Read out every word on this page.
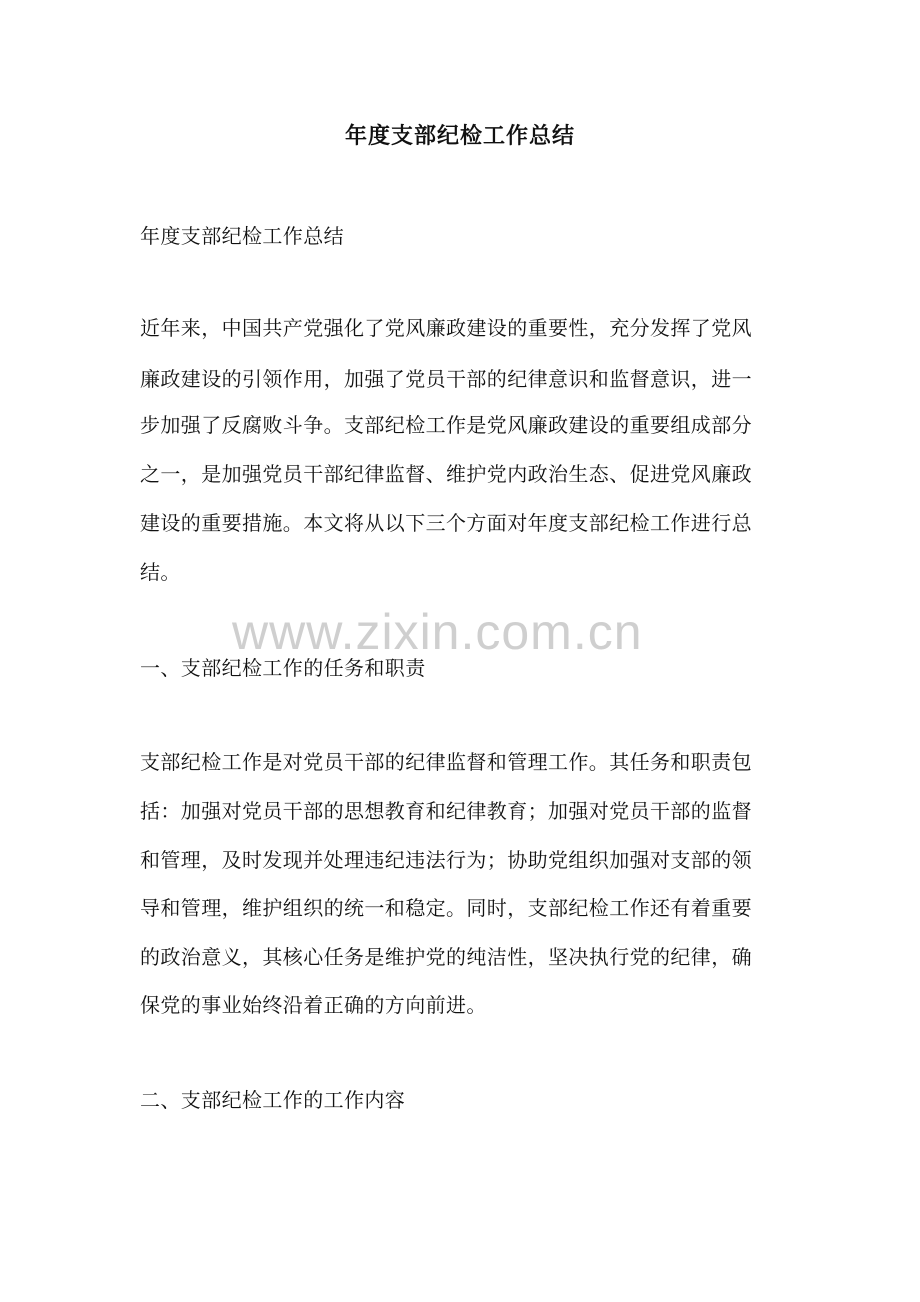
年度支部纪检工作总结
年度支部纪检工作总结
近年来，中国共产党强化了党风廉政建设的重要性，充分发挥了党风
廉政建设的引领作用，加强了党员干部的纪律意识和监督意识，进一
步加强了反腐败斗争。支部纪检工作是党风廉政建设的重要组成部分
之一，是加强党员干部纪律监督、维护党内政治生态、促进党风廉政
建设的重要措施。本文将从以下三个方面对年度支部纪检工作进行总
结。
www.zixin.com.cn
一、支部纪检工作的任务和职责
支部纪检工作是对党员干部的纪律监督和管理工作。其任务和职责包
括：加强对党员干部的思想教育和纪律教育；加强对党员干部的监督
和管理，及时发现并处理违纪违法行为；协助党组织加强对支部的领
导和管理，维护组织的统一和稳定。同时，支部纪检工作还有着重要
的政治意义，其核心任务是维护党的纯洁性，坚决执行党的纪律，确
保党的事业始终沿着正确的方向前进。
二、支部纪检工作的工作内容
